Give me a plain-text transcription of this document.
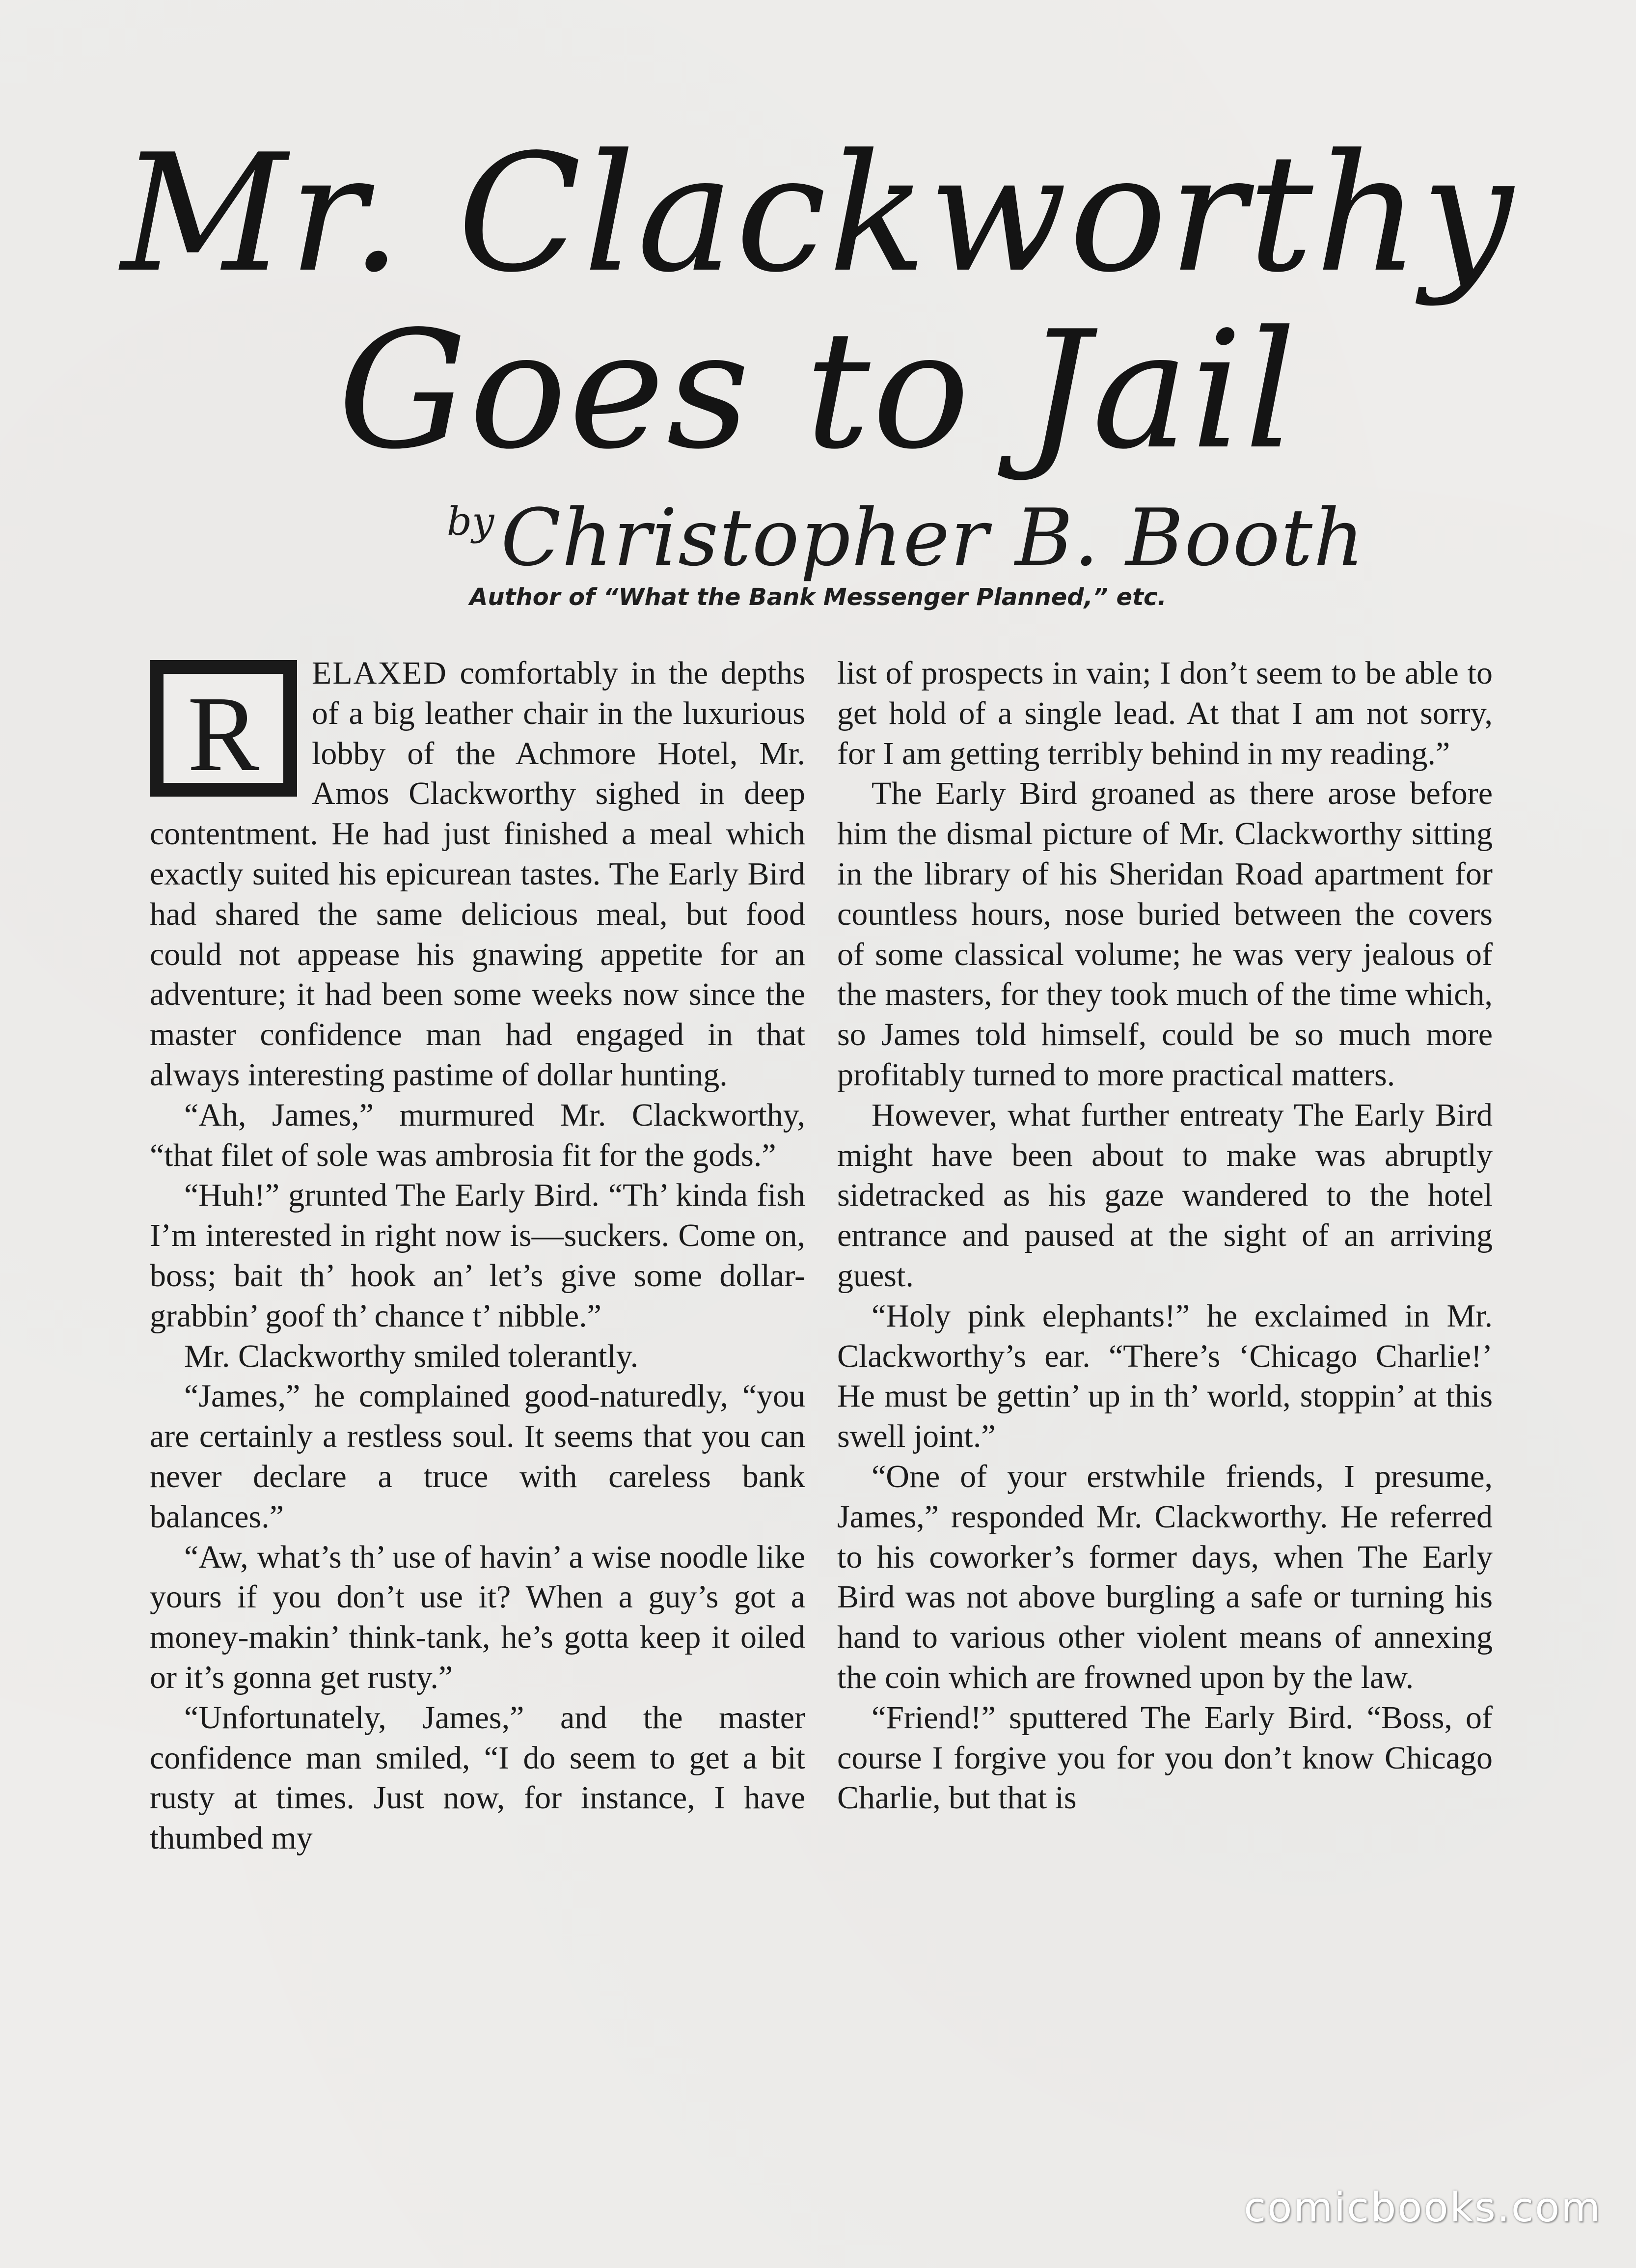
Mr. Clackworthy
Goes to Jail
by Christopher B. Booth
Author of “What the Bank Messenger Planned,” etc.

R
ELAXED comfortably in the depths of a big leather chair in the luxurious lobby of the Achmore Hotel, Mr. Amos Clackworthy sighed in deep contentment. He had just finished a meal which exactly suited his epicurean tastes. The Early Bird had shared the same delicious meal, but food could not appease his gnawing appetite for an adventure; it had been some weeks now since the master confidence man had engaged in that always interesting pastime of dollar hunting.

“Ah, James,” murmured Mr. Clackworthy, “that filet of sole was ambrosia fit for the gods.”

“Huh!” grunted The Early Bird. “Th’ kinda fish I’m interested in right now is—suckers. Come on, boss; bait th’ hook an’ let’s give some dollar-grabbin’ goof th’ chance t’ nibble.”

Mr. Clackworthy smiled tolerantly.

“James,” he complained good-naturedly, “you are certainly a restless soul. It seems that you can never declare a truce with careless bank balances.”

“Aw, what’s th’ use of havin’ a wise noodle like yours if you don’t use it? When a guy’s got a money-makin’ think-tank, he’s gotta keep it oiled or it’s gonna get rusty.”

“Unfortunately, James,” and the master confidence man smiled, “I do seem to get a bit rusty at times. Just now, for instance, I have thumbed my

list of prospects in vain; I don’t seem to be able to get hold of a single lead. At that I am not sorry, for I am getting terribly behind in my reading.”

The Early Bird groaned as there arose before him the dismal picture of Mr. Clackworthy sitting in the library of his Sheridan Road apartment for countless hours, nose buried between the covers of some classical volume; he was very jealous of the masters, for they took much of the time which, so James told himself, could be so much more profitably turned to more practical matters.

However, what further entreaty The Early Bird might have been about to make was abruptly sidetracked as his gaze wandered to the hotel entrance and paused at the sight of an arriving guest.

“Holy pink elephants!” he exclaimed in Mr. Clackworthy’s ear. “There’s ‘Chicago Charlie!’ He must be gettin’ up in th’ world, stoppin’ at this swell joint.”

“One of your erstwhile friends, I presume, James,” responded Mr. Clackworthy. He referred to his coworker’s former days, when The Early Bird was not above burgling a safe or turning his hand to various other violent means of annexing the coin which are frowned upon by the law.

“Friend!” sputtered The Early Bird. “Boss, of course I forgive you for you don’t know Chicago Charlie, but that is

comicbooks.com
